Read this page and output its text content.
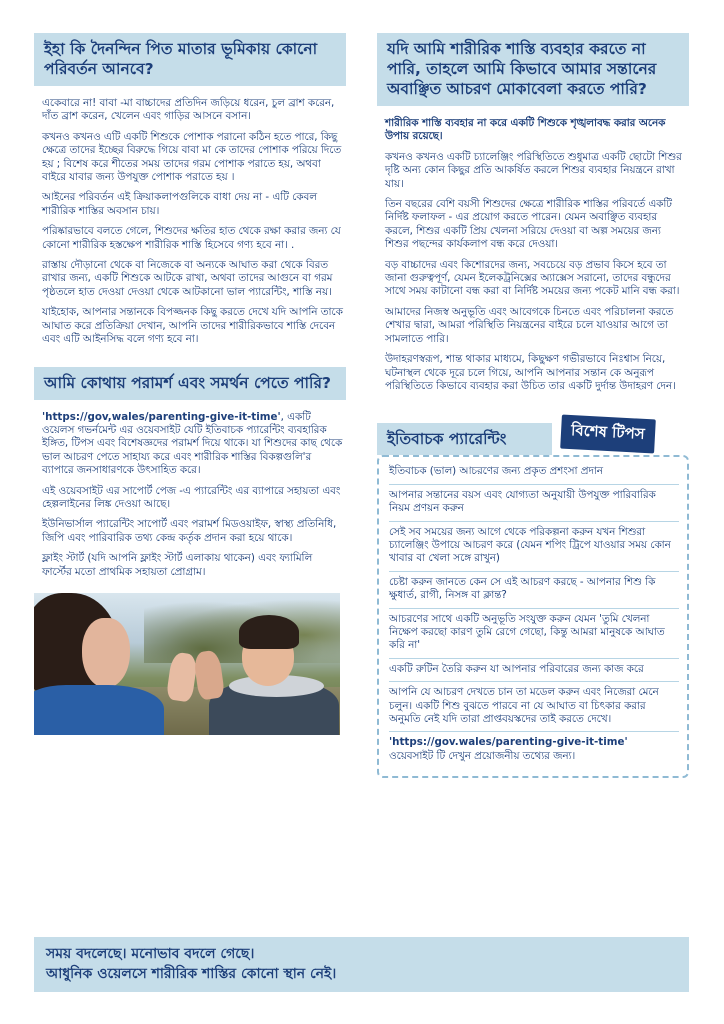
ইহা কি দৈনন্দিন পিত মাতার ভূমিকায় কোনো পরিবর্তন আনবে?

একেবারে না! বাবা -মা বাচ্চাদের প্রতিদিন জড়িয়ে ধরেন, চুল ব্রাশ করেন, দাঁত ব্রাশ করেন, খেলেন এবং গাড়ির আসনে বসান।

কখনও কখনও এটি একটি শিশুকে পোশাক পরানো কঠিন হতে পারে, কিছু ক্ষেত্রে তাদের ইচ্ছের বিরুদ্ধে গিয়ে বাবা মা কে তাদের পোশাক পরিয়ে দিতে হয় ; বিশেষ করে শীতের সময় তাদের গরম পোশাক পরাতে হয়, অথবা বাইরে যাবার জন্য উপযুক্ত পোশাক পরাতে হয় ।

আইনের পরিবর্তন এই ক্রিয়াকলাপগুলিকে বাধা দেয় না - এটি কেবল শারীরিক শাস্তির অবসান চায়।

পরিষ্কারভাবে বলতে গেলে, শিশুদের ক্ষতির হাত থেকে রক্ষা করার জন্য যে কোনো শারীরিক হস্তক্ষেপ শারীরিক শাস্তি হিসেবে গণ্য হবে না। .

রাস্তায় দৌড়ানো থেকে বা নিজেকে বা অন্যকে আঘাত করা থেকে বিরত রাখার জন্য, একটি শিশুকে আটকে রাখা, অথবা তাদের আগুনে বা গরম পৃষ্ঠতলে হাত দেওয়া দেওয়া থেকে আটকানো ভাল প্যারেন্টিং, শাস্তি নয়।

যাইহোক, আপনার সন্তানকে বিপজ্জনক কিছু করতে দেখে যদি আপনি তাকে আঘাত করে প্রতিক্রিয়া দেখান, আপনি তাদের শারীরিকভাবে শাস্তি দেবেন এবং এটি আইনসিদ্ধ বলে গণ্য হবে না।

আমি কোথায় পরামর্শ এবং সমর্থন পেতে পারি?

'https://gov,wales/parenting-give-it-time', একটি ওয়েলস গভর্নমেন্ট এর ওয়েবসাইট যেটি ইতিবাচক প্যারেন্টিং ব্যবহারিক ইঙ্গিত, টিপস এবং বিশেষজ্ঞদের পরামর্শ দিয়ে থাকে। যা শিশুদের কাছ থেকে ভাল আচরণ পেতে সাহায্য করে এবং শারীরিক শাস্তির বিকল্পগুলি'র ব্যাপারে জনসাধারণকে উৎসাহিত করে।

এই ওয়েবসাইট এর সাপোর্ট পেজ -এ প্যারেন্টিং এর ব্যাপারে সহায়তা এবং হেল্পলাইনের লিঙ্ক দেওয়া আছে।

ইউনিভার্সাল প্যারেন্টিং সাপোর্ট এবং পরামর্শ মিডওয়াইফ, স্বাস্থ্য প্রতিনিধি, জিপি এবং পারিবারিক তথ্য কেন্দ্র কর্তৃক প্রদান করা হয়ে থাকে।

ফ্লাইং স্টার্ট (যদি আপনি ফ্লাইং স্টার্ট এলাকায় থাকেন) এবং ফ্যামিলি ফার্স্টের মতো প্রাথমিক সহায়তা প্রোগ্রাম।

যদি আমি শারীরিক শাস্তি ব্যবহার করতে না পারি, তাহলে আমি কিভাবে আমার সন্তানের অবাঞ্ছিত আচরণ মোকাবেলা করতে পারি?

শারীরিক শাস্তি ব্যবহার না করে একটি শিশুকে শৃঙ্খলাবদ্ধ করার অনেক উপায় রয়েছে।

কখনও কখনও একটি চ্যালেঞ্জিং পরিস্থিতিতে শুধুমাত্র একটি ছোটো শিশুর দৃষ্টি অন্য কোন কিছুর প্রতি আকর্ষিত করলে শিশুর ব্যবহার নিয়ন্ত্রনে রাখা যায়।

তিন বছরের বেশি বয়সী শিশুদের ক্ষেত্রে শারীরিক শাস্তির পরিবর্তে একটি নির্দিষ্ট ফলাফল - এর প্রয়োগ করতে পারেন। যেমন অবাঞ্ছিত ব্যবহার করলে, শিশুর একটি প্রিয় খেলনা সরিয়ে দেওয়া বা অল্প সময়ের জন্য শিশুর পছন্দের কার্যকলাপ বন্ধ করে দেওয়া।

বড় বাচ্চাদের এবং কিশোরদের জন্য, সবচেয়ে বড় প্রভাব কিসে হবে তা জানা গুরুত্বপূর্ণ, যেমন ইলেকট্রনিক্সের অ্যাক্সেস সরানো, তাদের বন্ধুদের সাথে সময় কাটানো বন্ধ করা বা নির্দিষ্ট সময়ের জন্য পকেট মানি বন্ধ করা।

আমাদের নিজস্ব অনুভূতি এবং আবেগকে চিনতে এবং পরিচালনা করতে শেখার দ্বারা, আমরা পরিস্থিতি নিয়ন্ত্রনের বাইরে চলে যাওয়ার আগে তা সামলাতে পারি।

উদাহরণস্বরূপ, শান্ত থাকার মাধ্যমে, কিছুক্ষণ গভীরভাবে নিঃশ্বাস নিয়ে, ঘটনাস্থল থেকে দূরে চলে গিয়ে, আপনি আপনার সন্তান কে অনুরূপ পরিস্থিতিতে কিভাবে ব্যবহার করা উচিত তার একটি দুর্দান্ত উদাহরণ দেন।

ইতিবাচক প্যারেন্টিং	বিশেষ টিপস
ইতিবাচক (ভাল) আচরণের জন্য প্রকৃত প্রশংসা প্রদান
আপনার সন্তানের বয়স এবং যোগ্যতা অনুযায়ী উপযুক্ত পারিবারিক নিয়ম প্রণয়ন করুন
সেই সব সময়ের জন্য আগে থেকে পরিকল্পনা করুন যখন শিশুরা চ্যালেঞ্জিং উপায়ে আচরণ করে (যেমন শপিং ট্রিপে যাওয়ার সময় কোন খাবার বা খেলা সঙ্গে রাখুন)
চেষ্টা করুন জানতে কেন সে এই আচরণ করছে - আপনার শিশু কি ক্ষুধার্ত, রাগী, নিসঙ্গ বা ক্লান্ত?
আচরণের সাথে একটি অনুভূতি সংযুক্ত করুন যেমন 'তুমি খেলনা নিক্ষেপ করছো কারণ তুমি রেগে গেছো, কিন্তু আমরা মানুষকে আঘাত করি না'
একটি রুটিন তৈরি করুন যা আপনার পরিবারের জন্য কাজ করে
আপনি যে আচরণ দেখতে চান তা মডেল করুন এবং নিজেরা মেনে চলুন। একটি শিশু বুঝতে পারবে না যে আঘাত বা চিৎকার করার অনুমতি নেই যদি তারা প্রাপ্তবয়স্কদের তাই করতে দেখে।
'https://gov.wales/parenting-give-it-time'
ওয়েবসাইট টি দেখুন প্রয়োজনীয় তথ্যের জন্য।
সময় বদলেছে। মনোভাব বদলে গেছে।
আধুনিক ওয়েলসে শারীরিক শাস্তির কোনো স্থান নেই।
